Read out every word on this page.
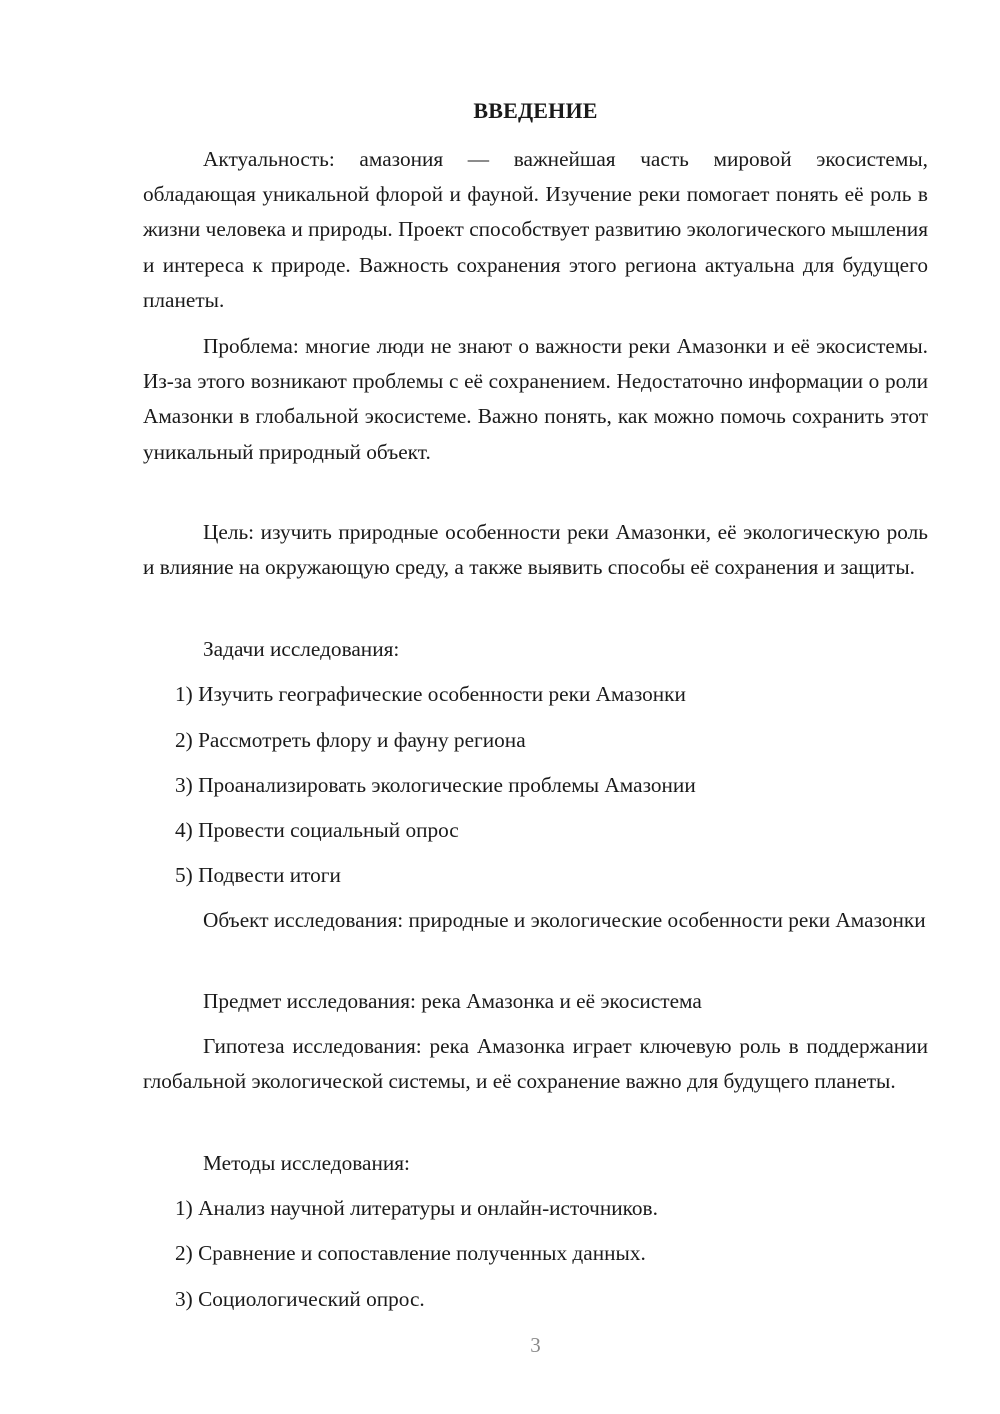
ВВЕДЕНИЕ

Актуальность: амазония — важнейшая часть мировой экосистемы, обладающая уникальной флорой и фауной. Изучение реки помогает понять её роль в жизни человека и природы. Проект способствует развитию экологического мышления и интереса к природе. Важность сохранения этого региона актуальна для будущего планеты.

Проблема: многие люди не знают о важности реки Амазонки и её экосистемы. Из-за этого возникают проблемы с её сохранением. Недостаточно информации о роли Амазонки в глобальной экосистеме. Важно понять, как можно помочь сохранить этот уникальный природный объект.

Цель: изучить природные особенности реки Амазонки, её экологическую роль и влияние на окружающую среду, а также выявить способы её сохранения и защиты.

Задачи исследования:

1) Изучить географические особенности реки Амазонки

2) Рассмотреть флору и фауну региона

3) Проанализировать экологические проблемы Амазонии

4) Провести социальный опрос

5) Подвести итоги

Объект исследования: природные и экологические особенности реки Амазонки

Предмет исследования: река Амазонка и её экосистема

Гипотеза исследования: река Амазонка играет ключевую роль в поддержании глобальной экологической системы, и её сохранение важно для будущего планеты.

Методы исследования:

1) Анализ научной литературы и онлайн-источников.

2) Сравнение и сопоставление полученных данных.

3) Социологический опрос.

3
